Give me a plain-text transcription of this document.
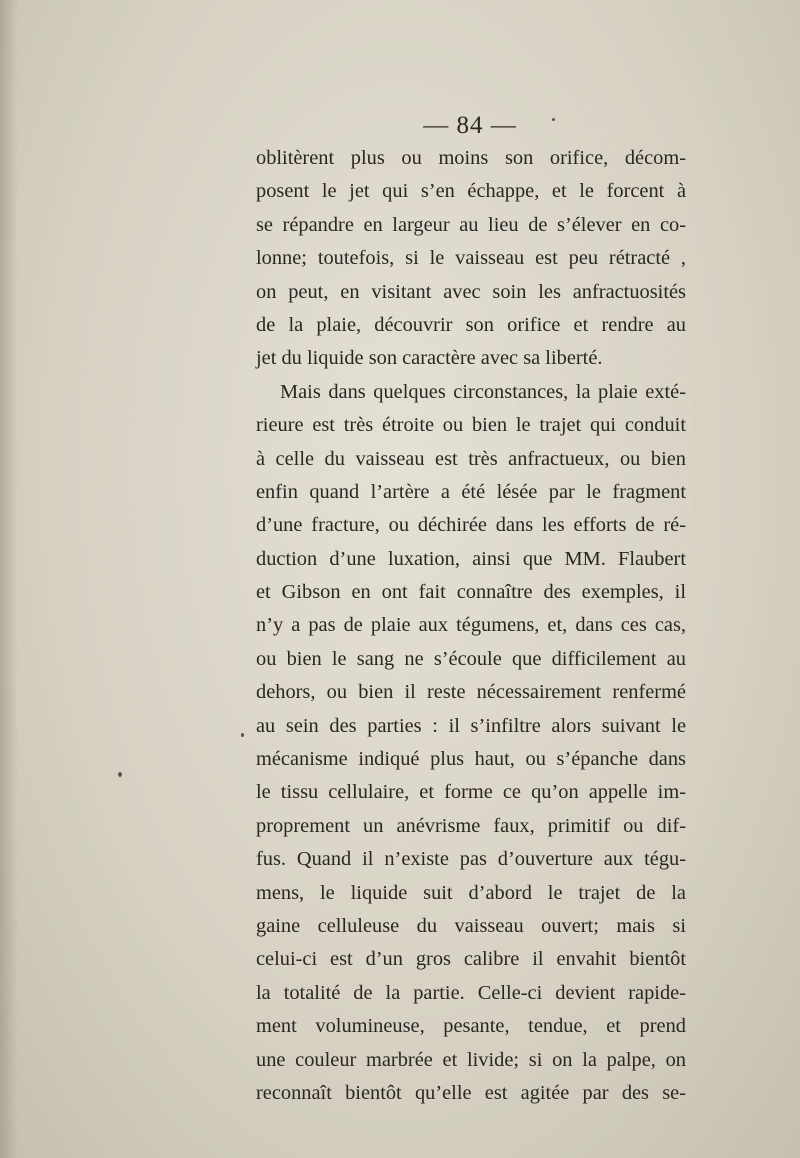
— 84 —
oblitèrent plus ou moins son orifice, décom-
posent le jet qui s’en échappe, et le forcent à
se répandre en largeur au lieu de s’élever en co-
lonne; toutefois, si le vaisseau est peu rétracté ,
on peut, en visitant avec soin les anfractuosités
de la plaie, découvrir son orifice et rendre au
jet du liquide son caractère avec sa liberté.
Mais dans quelques circonstances, la plaie exté-
rieure est très étroite ou bien le trajet qui conduit
à celle du vaisseau est très anfractueux, ou bien
enfin quand l’artère a été lésée par le fragment
d’une fracture, ou déchirée dans les efforts de ré-
duction d’une luxation, ainsi que MM. Flaubert
et Gibson en ont fait connaître des exemples, il
n’y a pas de plaie aux tégumens, et, dans ces cas,
ou bien le sang ne s’écoule que difficilement au
dehors, ou bien il reste nécessairement renfermé
au sein des parties : il s’infiltre alors suivant le
mécanisme indiqué plus haut, ou s’épanche dans
le tissu cellulaire, et forme ce qu’on appelle im-
proprement un anévrisme faux, primitif ou dif-
fus. Quand il n’existe pas d’ouverture aux tégu-
mens, le liquide suit d’abord le trajet de la
gaine celluleuse du vaisseau ouvert; mais si
celui-ci est d’un gros calibre il envahit bientôt
la totalité de la partie. Celle-ci devient rapide-
ment volumineuse, pesante, tendue, et prend
une couleur marbrée et livide; si on la palpe, on
reconnaît bientôt qu’elle est agitée par des se-
